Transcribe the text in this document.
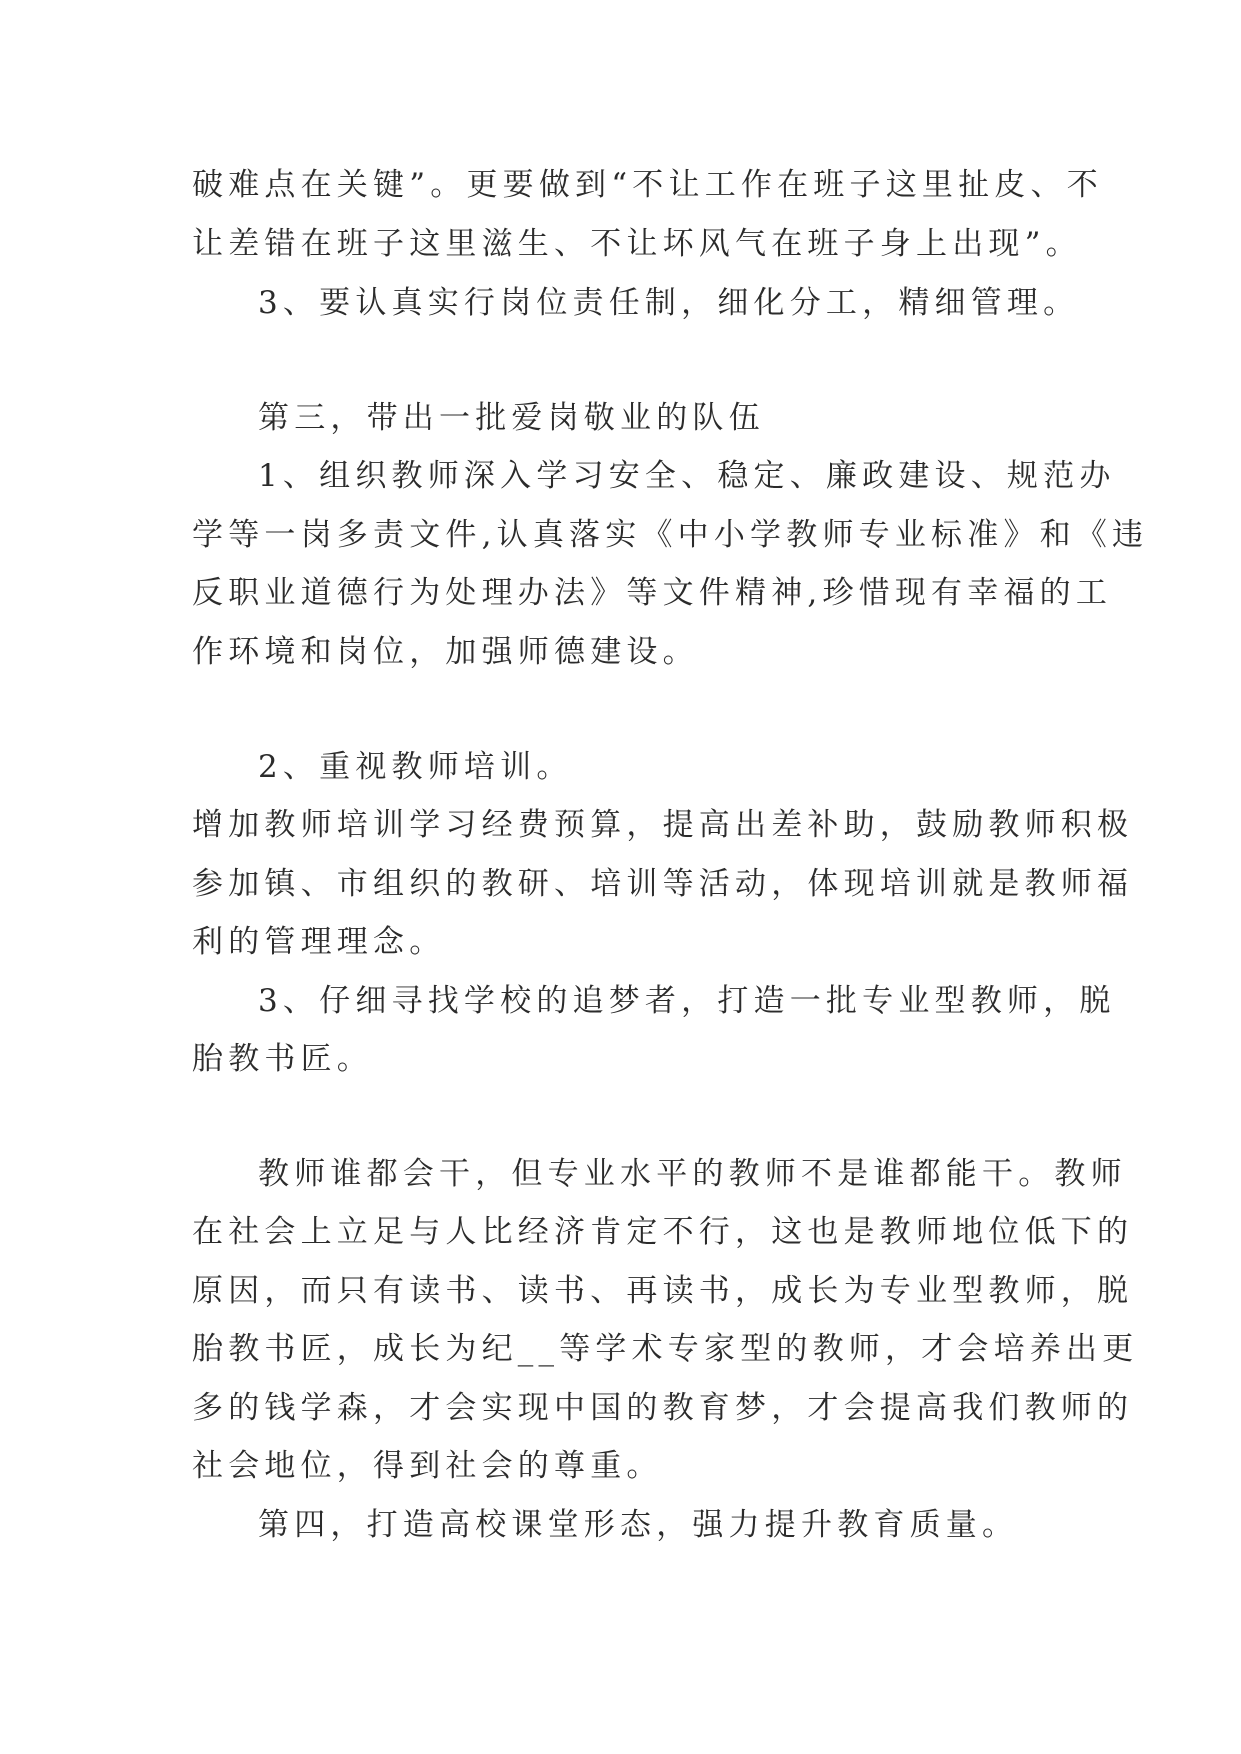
破难点在关键”。更要做到“不让工作在班子这里扯皮、不
让差错在班子这里滋生、不让坏风气在班子身上出现”。
3、要认真实行岗位责任制，细化分工，精细管理。
第三，带出一批爱岗敬业的队伍
1、组织教师深入学习安全、稳定、廉政建设、规范办
学等一岗多责文件,认真落实《中小学教师专业标准》和《违
反职业道德行为处理办法》等文件精神,珍惜现有幸福的工
作环境和岗位，加强师德建设。
2、重视教师培训。
增加教师培训学习经费预算，提高出差补助，鼓励教师积极
参加镇、市组织的教研、培训等活动，体现培训就是教师福
利的管理理念。
3、仔细寻找学校的追梦者，打造一批专业型教师，脱
胎教书匠。
教师谁都会干，但专业水平的教师不是谁都能干。教师
在社会上立足与人比经济肯定不行，这也是教师地位低下的
原因，而只有读书、读书、再读书，成长为专业型教师，脱
胎教书匠，成长为纪__等学术专家型的教师，才会培养出更
多的钱学森，才会实现中国的教育梦，才会提高我们教师的
社会地位，得到社会的尊重。
第四，打造高校课堂形态，强力提升教育质量。
